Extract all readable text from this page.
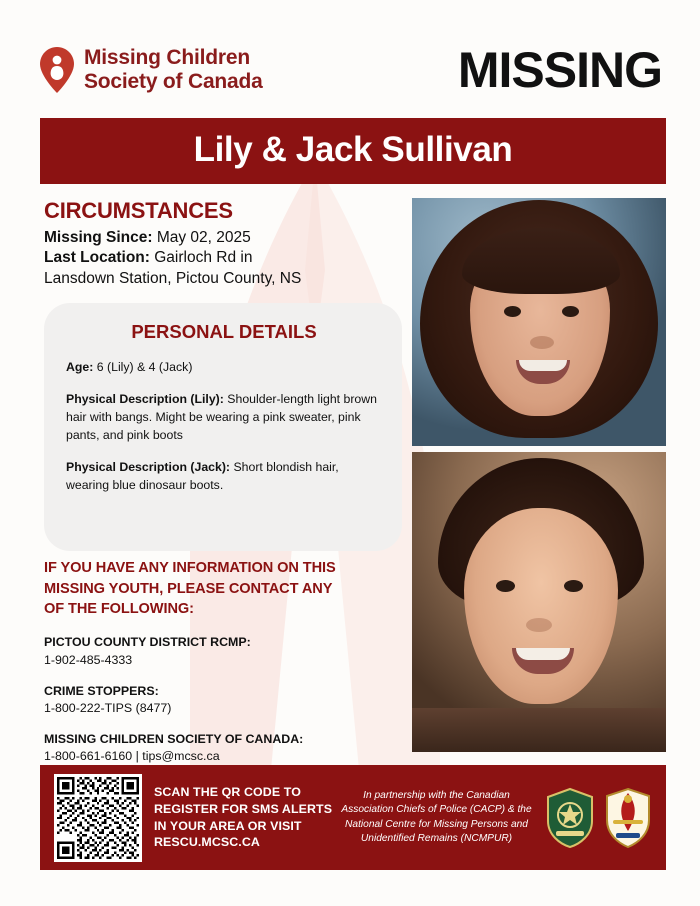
Missing Children
Society of Canada	MISSING
Lily & Jack Sullivan
CIRCUMSTANCES

Missing Since: May 02, 2025

Last Location: Gairloch Rd in

Lansdown Station, Pictou County, NS

PERSONAL DETAILS
Age: 6 (Lily) & 4 (Jack)
Physical Description (Lily): Shoulder-length light brown hair with bangs. Might be wearing a pink sweater, pink pants, and pink boots
Physical Description (Jack): Short blondish hair, wearing blue dinosaur boots.
IF YOU HAVE ANY INFORMATION ON THIS
MISSING YOUTH, PLEASE CONTACT ANY
OF THE FOLLOWING:
PICTOU COUNTY DISTRICT RCMP:
1-902-485-4333
CRIME STOPPERS:
1-800-222-TIPS (8477)
MISSING CHILDREN SOCIETY OF CANADA:
1-800-661-6160 | tips@mcsc.ca
SCAN THE QR CODE TO
REGISTER FOR SMS ALERTS
IN YOUR AREA OR VISIT
RESCU.MCSC.CA
In partnership with the Canadian Association Chiefs of Police (CACP) & the National Centre for Missing Persons and Unidentified Remains (NCMPUR)
